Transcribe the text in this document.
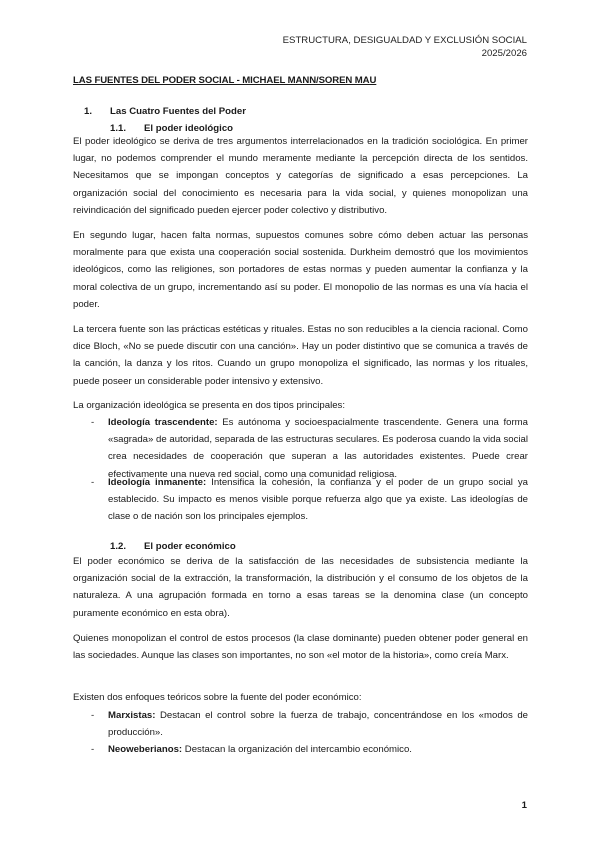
ESTRUCTURA, DESIGUALDAD Y EXCLUSIÓN SOCIAL
2025/2026
LAS FUENTES DEL PODER SOCIAL - MICHAEL MANN/SOREN MAU
1. Las Cuatro Fuentes del Poder
1.1. El poder ideológico

El poder ideológico se deriva de tres argumentos interrelacionados en la tradición sociológica. En primer lugar, no podemos comprender el mundo meramente mediante la percepción directa de los sentidos. Necesitamos que se impongan conceptos y categorías de significado a esas percepciones. La organización social del conocimiento es necesaria para la vida social, y quienes monopolizan una reivindicación del significado pueden ejercer poder colectivo y distributivo.

En segundo lugar, hacen falta normas, supuestos comunes sobre cómo deben actuar las personas moralmente para que exista una cooperación social sostenida. Durkheim demostró que los movimientos ideológicos, como las religiones, son portadores de estas normas y pueden aumentar la confianza y la moral colectiva de un grupo, incrementando así su poder. El monopolio de las normas es una vía hacia el poder.

La tercera fuente son las prácticas estéticas y rituales. Estas no son reducibles a la ciencia racional. Como dice Bloch, «No se puede discutir con una canción». Hay un poder distintivo que se comunica a través de la canción, la danza y los ritos. Cuando un grupo monopoliza el significado, las normas y los rituales, puede poseer un considerable poder intensivo y extensivo.

La organización ideológica se presenta en dos tipos principales:

- Ideología trascendente: Es autónoma y socioespacialmente trascendente. Genera una forma «sagrada» de autoridad, separada de las estructuras seculares. Es poderosa cuando la vida social crea necesidades de cooperación que superan a las autoridades existentes. Puede crear efectivamente una nueva red social, como una comunidad religiosa.

- Ideología inmanente: Intensifica la cohesión, la confianza y el poder de un grupo social ya establecido. Su impacto es menos visible porque refuerza algo que ya existe. Las ideologías de clase o de nación son los principales ejemplos.

1.2. El poder económico

El poder económico se deriva de la satisfacción de las necesidades de subsistencia mediante la organización social de la extracción, la transformación, la distribución y el consumo de los objetos de la naturaleza. A una agrupación formada en torno a esas tareas se la denomina clase (un concepto puramente económico en esta obra).

Quienes monopolizan el control de estos procesos (la clase dominante) pueden obtener poder general en las sociedades. Aunque las clases son importantes, no son «el motor de la historia», como creía Marx.

Existen dos enfoques teóricos sobre la fuente del poder económico:

- Marxistas: Destacan el control sobre la fuerza de trabajo, concentrándose en los «modos de producción».

- Neoweberianos: Destacan la organización del intercambio económico.

1
